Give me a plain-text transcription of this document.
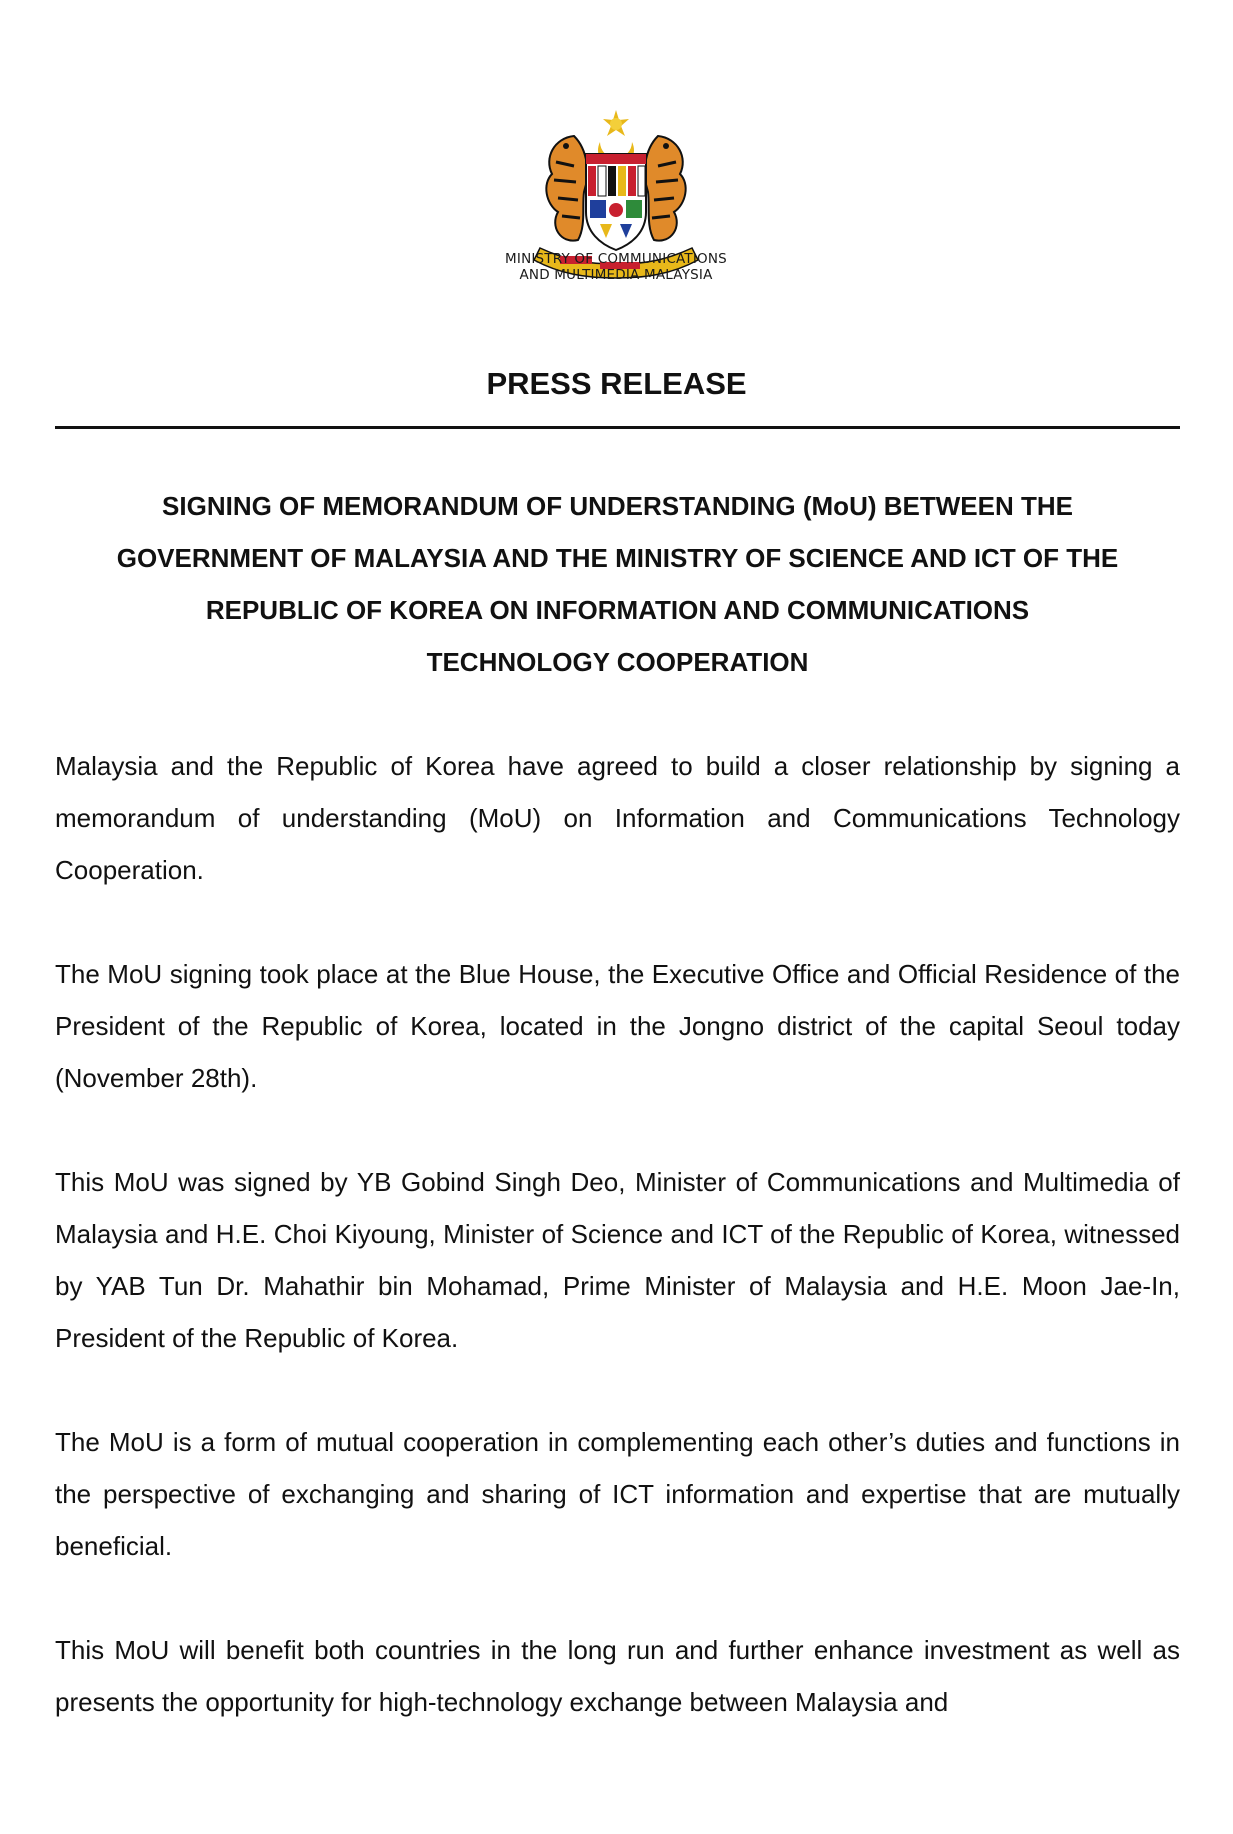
MINISTRY OF COMMUNICATIONS
AND MULTIMEDIA MALAYSIA
PRESS RELEASE
SIGNING OF MEMORANDUM OF UNDERSTANDING (MoU) BETWEEN THE
GOVERNMENT OF MALAYSIA AND THE MINISTRY OF SCIENCE AND ICT OF THE
REPUBLIC OF KOREA ON INFORMATION AND COMMUNICATIONS
TECHNOLOGY COOPERATION

Malaysia and the Republic of Korea have agreed to build a closer relationship by signing a memorandum of understanding (MoU) on Information and Communications Technology Cooperation.

The MoU signing took place at the Blue House, the Executive Office and Official Residence of the President of the Republic of Korea, located in the Jongno district of the capital Seoul today (November 28th).

This MoU was signed by YB Gobind Singh Deo, Minister of Communications and Multimedia of Malaysia and H.E. Choi Kiyoung, Minister of Science and ICT of the Republic of Korea, witnessed by YAB Tun Dr. Mahathir bin Mohamad, Prime Minister of Malaysia and H.E. Moon Jae-In, President of the Republic of Korea.

The MoU is a form of mutual cooperation in complementing each other’s duties and functions in the perspective of exchanging and sharing of ICT information and expertise that are mutually beneficial.

This MoU will benefit both countries in the long run and further enhance investment as well as presents the opportunity for high-technology exchange between Malaysia and
